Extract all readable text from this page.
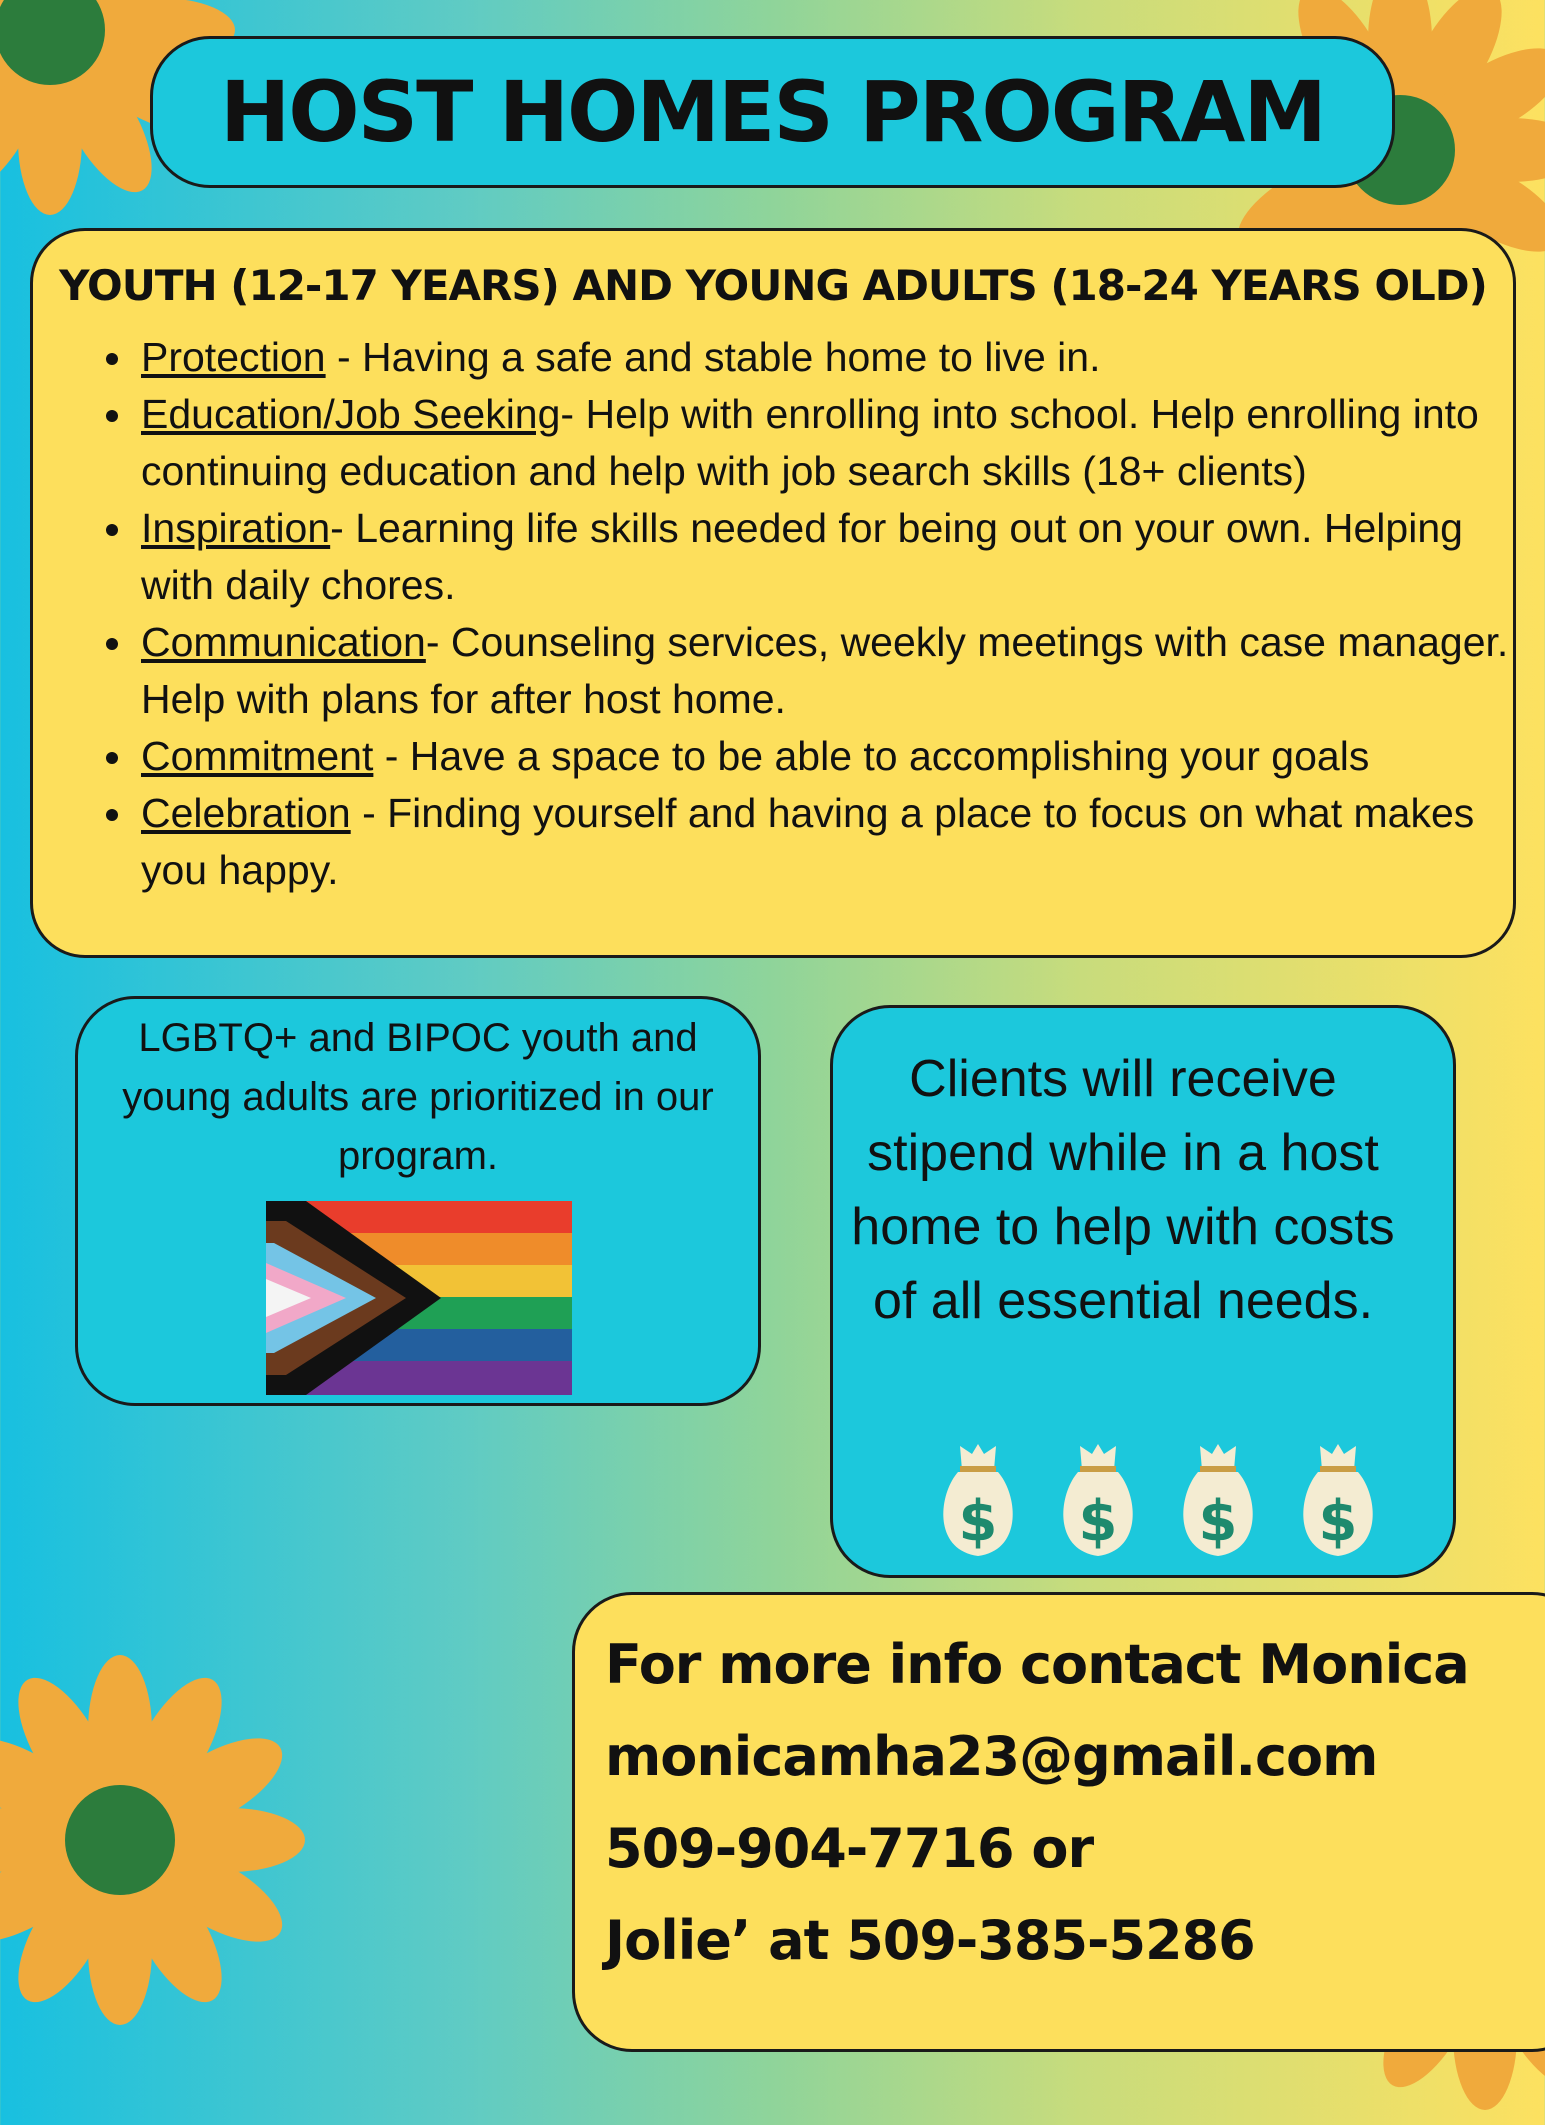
HOST HOMES PROGRAM
YOUTH (12-17 YEARS) AND YOUNG ADULTS (18-24 YEARS OLD)
• Protection - Having a safe and stable home to live in.
• Education/Job Seeking- Help with enrolling into school. Help enrolling into continuing education and help with job search skills (18+ clients)
• Inspiration- Learning life skills needed for being out on your own. Helping with daily chores.
• Communication- Counseling services, weekly meetings with case manager. Help with plans for after host home.
• Commitment - Have a space to be able to accomplishing your goals
• Celebration - Finding yourself and having a place to focus on what makes you happy.
LGBTQ+ and BIPOC youth and young adults are prioritized in our program.
Clients will receive stipend while in a host home to help with costs of all essential needs.
$ $ $ $
For more info contact Monica
monicamha23@gmail.com
509-904-7716 or
Jolie’ at 509-385-5286
